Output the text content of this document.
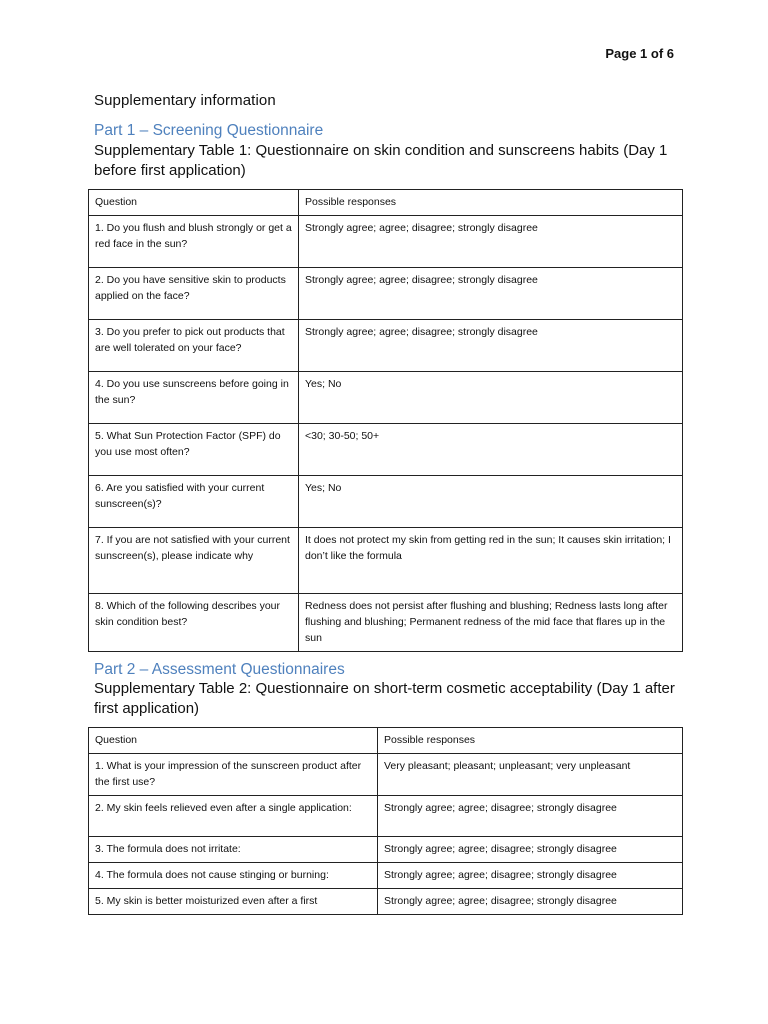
Page 1 of 6
Supplementary information
Part 1 – Screening Questionnaire
Supplementary Table 1: Questionnaire on skin condition and sunscreens habits (Day 1 before first application)
Question	Possible responses
1. Do you flush and blush strongly or get a red face in the sun?	Strongly agree; agree; disagree; strongly disagree
2. Do you have sensitive skin to products applied on the face?	Strongly agree; agree; disagree; strongly disagree
3. Do you prefer to pick out products that are well tolerated on your face?	Strongly agree; agree; disagree; strongly disagree
4. Do you use sunscreens before going in the sun?	Yes; No
5. What Sun Protection Factor (SPF) do you use most often?	<30; 30-50; 50+
6. Are you satisfied with your current sunscreen(s)?	Yes; No
7. If you are not satisfied with your current sunscreen(s), please indicate why	It does not protect my skin from getting red in the sun; It causes skin irritation; I don’t like the formula
8. Which of the following describes your skin condition best?	Redness does not persist after flushing and blushing; Redness lasts long after flushing and blushing; Permanent redness of the mid face that flares up in the sun
Part 2 – Assessment Questionnaires
Supplementary Table 2: Questionnaire on short-term cosmetic acceptability (Day 1 after first application)
Question	Possible responses
1. What is your impression of the sunscreen product after the first use?	Very pleasant; pleasant; unpleasant; very unpleasant
2. My skin feels relieved even after a single application:	Strongly agree; agree; disagree; strongly disagree
3. The formula does not irritate:	Strongly agree; agree; disagree; strongly disagree
4. The formula does not cause stinging or burning:	Strongly agree; agree; disagree; strongly disagree
5. My skin is better moisturized even after a first	Strongly agree; agree; disagree; strongly disagree
